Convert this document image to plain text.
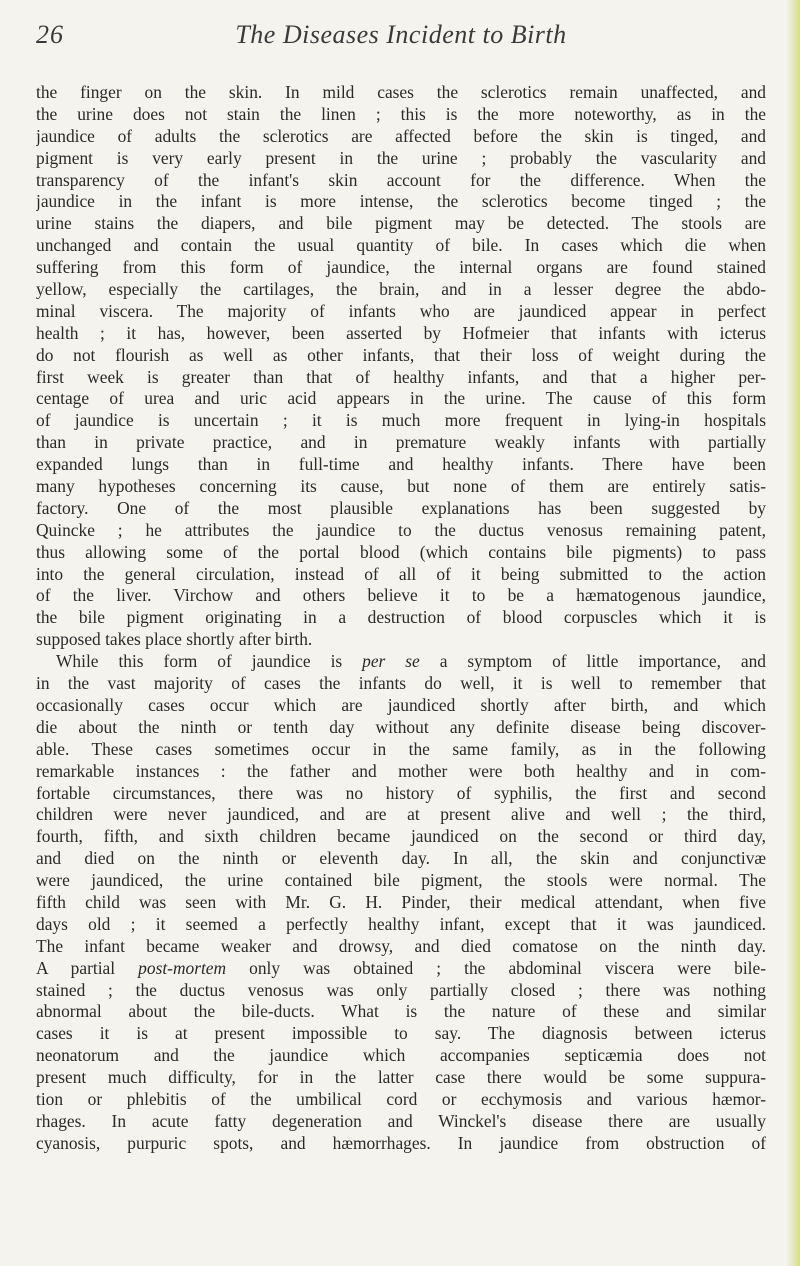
26	The Diseases Incident to Birth
the finger on the skin. In mild cases the sclerotics remain unaffected, and
the urine does not stain the linen ; this is the more noteworthy, as in the
jaundice of adults the sclerotics are affected before the skin is tinged, and
pigment is very early present in the urine ; probably the vascularity and
transparency of the infant's skin account for the difference. When the
jaundice in the infant is more intense, the sclerotics become tinged ; the
urine stains the diapers, and bile pigment may be detected. The stools are
unchanged and contain the usual quantity of bile. In cases which die when
suffering from this form of jaundice, the internal organs are found stained
yellow, especially the cartilages, the brain, and in a lesser degree the abdo-
minal viscera. The majority of infants who are jaundiced appear in perfect
health ; it has, however, been asserted by Hofmeier that infants with icterus
do not flourish as well as other infants, that their loss of weight during the
first week is greater than that of healthy infants, and that a higher per-
centage of urea and uric acid appears in the urine. The cause of this form
of jaundice is uncertain ; it is much more frequent in lying-in hospitals
than in private practice, and in premature weakly infants with partially
expanded lungs than in full-time and healthy infants. There have been
many hypotheses concerning its cause, but none of them are entirely satis-
factory. One of the most plausible explanations has been suggested by
Quincke ; he attributes the jaundice to the ductus venosus remaining patent,
thus allowing some of the portal blood (which contains bile pigments) to pass
into the general circulation, instead of all of it being submitted to the action
of the liver. Virchow and others believe it to be a hæmatogenous jaundice,
the bile pigment originating in a destruction of blood corpuscles which it is
supposed takes place shortly after birth.
While this form of jaundice is per se a symptom of little importance, and
in the vast majority of cases the infants do well, it is well to remember that
occasionally cases occur which are jaundiced shortly after birth, and which
die about the ninth or tenth day without any definite disease being discover-
able. These cases sometimes occur in the same family, as in the following
remarkable instances : the father and mother were both healthy and in com-
fortable circumstances, there was no history of syphilis, the first and second
children were never jaundiced, and are at present alive and well ; the third,
fourth, fifth, and sixth children became jaundiced on the second or third day,
and died on the ninth or eleventh day. In all, the skin and conjunctivæ
were jaundiced, the urine contained bile pigment, the stools were normal. The
fifth child was seen with Mr. G. H. Pinder, their medical attendant, when five
days old ; it seemed a perfectly healthy infant, except that it was jaundiced.
The infant became weaker and drowsy, and died comatose on the ninth day.
A partial post-mortem only was obtained ; the abdominal viscera were bile-
stained ; the ductus venosus was only partially closed ; there was nothing
abnormal about the bile-ducts. What is the nature of these and similar
cases it is at present impossible to say. The diagnosis between icterus
neonatorum and the jaundice which accompanies septicæmia does not
present much difficulty, for in the latter case there would be some suppura-
tion or phlebitis of the umbilical cord or ecchymosis and various hæmor-
rhages. In acute fatty degeneration and Winckel's disease there are usually
cyanosis, purpuric spots, and hæmorrhages. In jaundice from obstruction of
